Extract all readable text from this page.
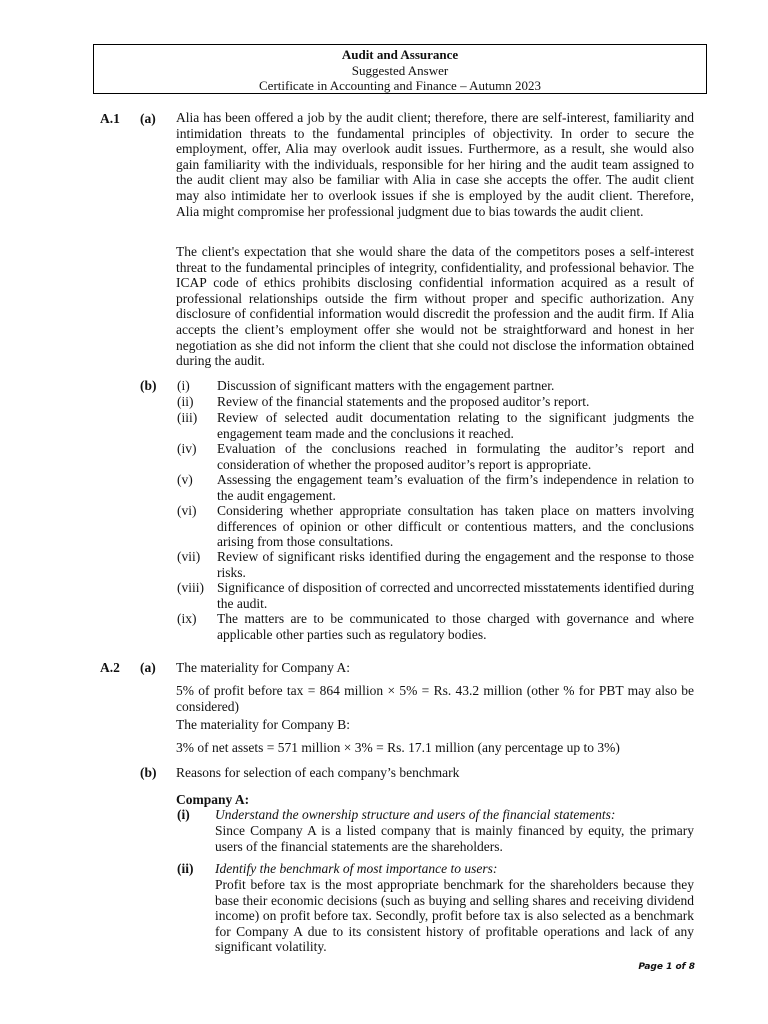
Audit and Assurance
Suggested Answer
Certificate in Accounting and Finance – Autumn 2023
A.1 (a) Alia has been offered a job by the audit client; therefore, there are self-interest, familiarity and intimidation threats to the fundamental principles of objectivity. In order to secure the employment, offer, Alia may overlook audit issues. Furthermore, as a result, she would also gain familiarity with the individuals, responsible for her hiring and the audit team assigned to the audit client may also be familiar with Alia in case she accepts the offer. The audit client may also intimidate her to overlook issues if she is employed by the audit client. Therefore, Alia might compromise her professional judgment due to bias towards the audit client.

The client's expectation that she would share the data of the competitors poses a self-interest threat to the fundamental principles of integrity, confidentiality, and professional behavior. The ICAP code of ethics prohibits disclosing confidential information acquired as a result of professional relationships outside the firm without proper and specific authorization. Any disclosure of confidential information would discredit the profession and the audit firm. If Alia accepts the client’s employment offer she would not be straightforward and honest in her negotiation as she did not inform the client that she could not disclose the information obtained during the audit.

(b) (i) Discussion of significant matters with the engagement partner.

(ii) Review of the financial statements and the proposed auditor’s report.

(iii) Review of selected audit documentation relating to the significant judgments the engagement team made and the conclusions it reached.

(iv) Evaluation of the conclusions reached in formulating the auditor’s report and consideration of whether the proposed auditor’s report is appropriate.

(v) Assessing the engagement team’s evaluation of the firm’s independence in relation to the audit engagement.

(vi) Considering whether appropriate consultation has taken place on matters involving differences of opinion or other difficult or contentious matters, and the conclusions arising from those consultations.

(vii) Review of significant risks identified during the engagement and the response to those risks.

(viii) Significance of disposition of corrected and uncorrected misstatements identified during the audit.

(ix) The matters are to be communicated to those charged with governance and where applicable other parties such as regulatory bodies.

A.2 (a) The materiality for Company A:

5% of profit before tax = 864 million × 5% = Rs. 43.2 million (other % for PBT may also be considered)

The materiality for Company B:
3% of net assets = 571 million × 3% = Rs. 17.1 million (any percentage up to 3%)
(b) Reasons for selection of each company’s benchmark
Company A:
(i) Understand the ownership structure and users of the financial statements:

Since Company A is a listed company that is mainly financed by equity, the primary users of the financial statements are the shareholders.

(ii) Identify the benchmark of most importance to users:

Profit before tax is the most appropriate benchmark for the shareholders because they base their economic decisions (such as buying and selling shares and receiving dividend income) on profit before tax. Secondly, profit before tax is also selected as a benchmark for Company A due to its consistent history of profitable operations and lack of any significant volatility.

Page 1 of 8
